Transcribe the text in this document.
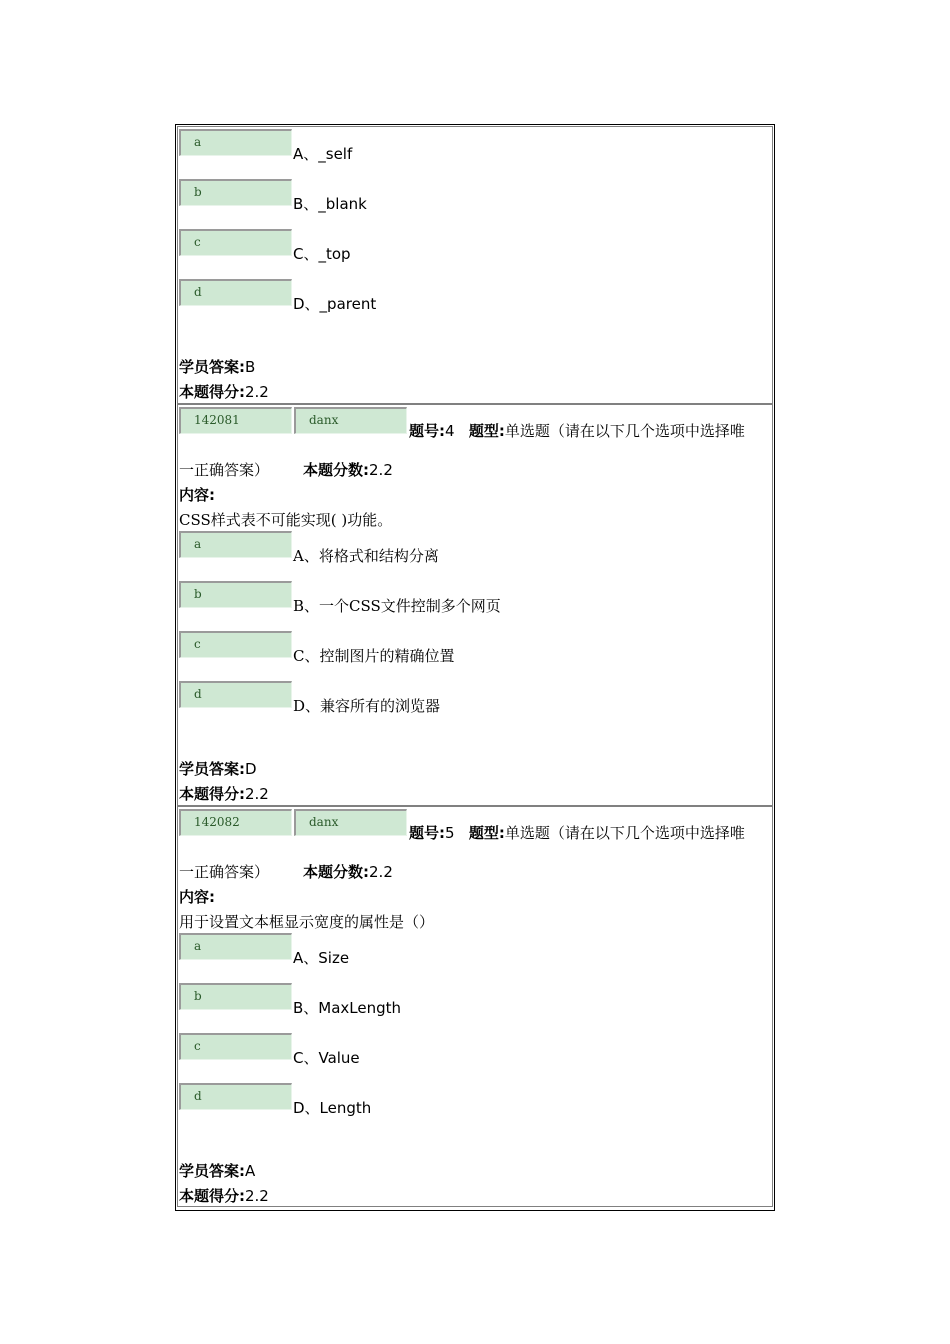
a
A、_self
b
B、_blank
c
C、_top
d
D、_parent
学员答案:B
本题得分:2.2
142081	danx
题号:4 题型:单选题（请在以下几个选项中选择唯
一正确答案） 本题分数:2.2
内容:
CSS样式表不可能实现( )功能。
a
A、将格式和结构分离
b
B、一个CSS文件控制多个网页
c
C、控制图片的精确位置
d
D、兼容所有的浏览器
学员答案:D
本题得分:2.2
142082	danx
题号:5 题型:单选题（请在以下几个选项中选择唯
一正确答案） 本题分数:2.2
内容:
用于设置文本框显示宽度的属性是（）
a
A、Size
b
B、MaxLength
c
C、Value
d
D、Length
学员答案:A
本题得分:2.2
